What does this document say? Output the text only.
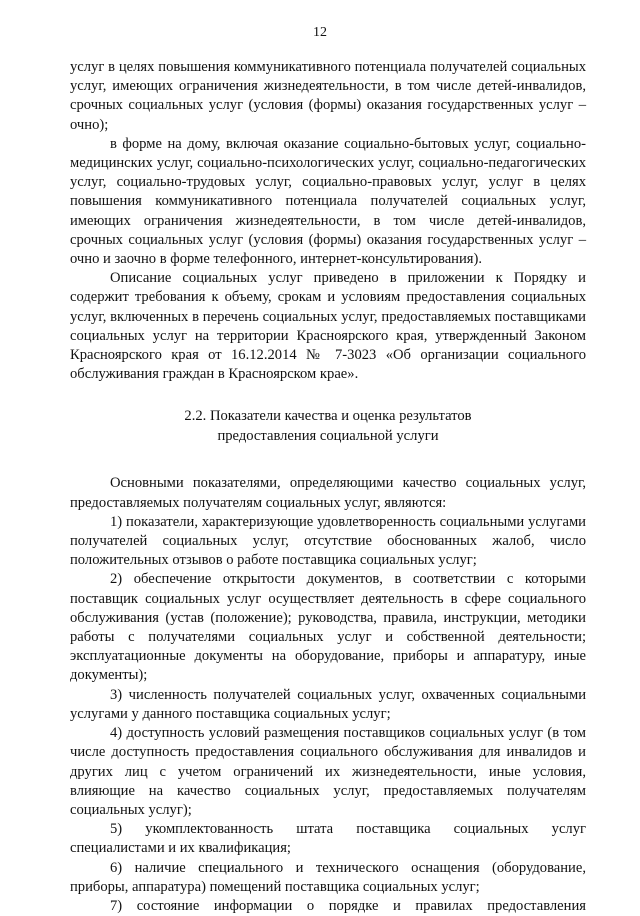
12

услуг в целях повышения коммуникативного потенциала получателей социальных услуг, имеющих ограничения жизнедеятельности, в том числе детей-инвалидов, срочных социальных услуг (условия (формы) оказания государственных услуг – очно);

в форме на дому, включая оказание социально-бытовых услуг, социально-медицинских услуг, социально-психологических услуг, социально-педагогических услуг, социально-трудовых услуг, социально-правовых услуг, услуг в целях повышения коммуникативного потенциала получателей социальных услуг, имеющих ограничения жизнедеятельности, в том числе детей-инвалидов, срочных социальных услуг (условия (формы) оказания государственных услуг – очно и заочно в форме телефонного, интернет-консультирования).

Описание социальных услуг приведено в приложении к Порядку и содержит требования к объему, срокам и условиям предоставления социальных услуг, включенных в перечень социальных услуг, предоставляемых поставщиками социальных услуг на территории Красноярского края, утвержденный Законом Красноярского края от 16.12.2014 № 7-3023 «Об организации социального обслуживания граждан в Красноярском крае».

2.2. Показатели качества и оценка результатов
предоставления социальной услуги

Основными показателями, определяющими качество социальных услуг, предоставляемых получателям социальных услуг, являются:

1) показатели, характеризующие удовлетворенность социальными услугами получателей социальных услуг, отсутствие обоснованных жалоб, число положительных отзывов о работе поставщика социальных услуг;

2) обеспечение открытости документов, в соответствии с которыми поставщик социальных услуг осуществляет деятельность в сфере социального обслуживания (устав (положение); руководства, правила, инструкции, методики работы с получателями социальных услуг и собственной деятельности; эксплуатационные документы на оборудование, приборы и аппаратуру, иные документы);

3) численность получателей социальных услуг, охваченных социальными услугами у данного поставщика социальных услуг;

4) доступность условий размещения поставщиков социальных услуг (в том числе доступность предоставления социального обслуживания для инвалидов и других лиц с учетом ограничений их жизнедеятельности, иные условия, влияющие на качество социальных услуг, предоставляемых получателям социальных услуг);

5) укомплектованность штата поставщика социальных услуг специалистами и их квалификация;

6) наличие специального и технического оснащения (оборудование, приборы, аппаратура) помещений поставщика социальных услуг;

7) состояние информации о порядке и правилах предоставления
